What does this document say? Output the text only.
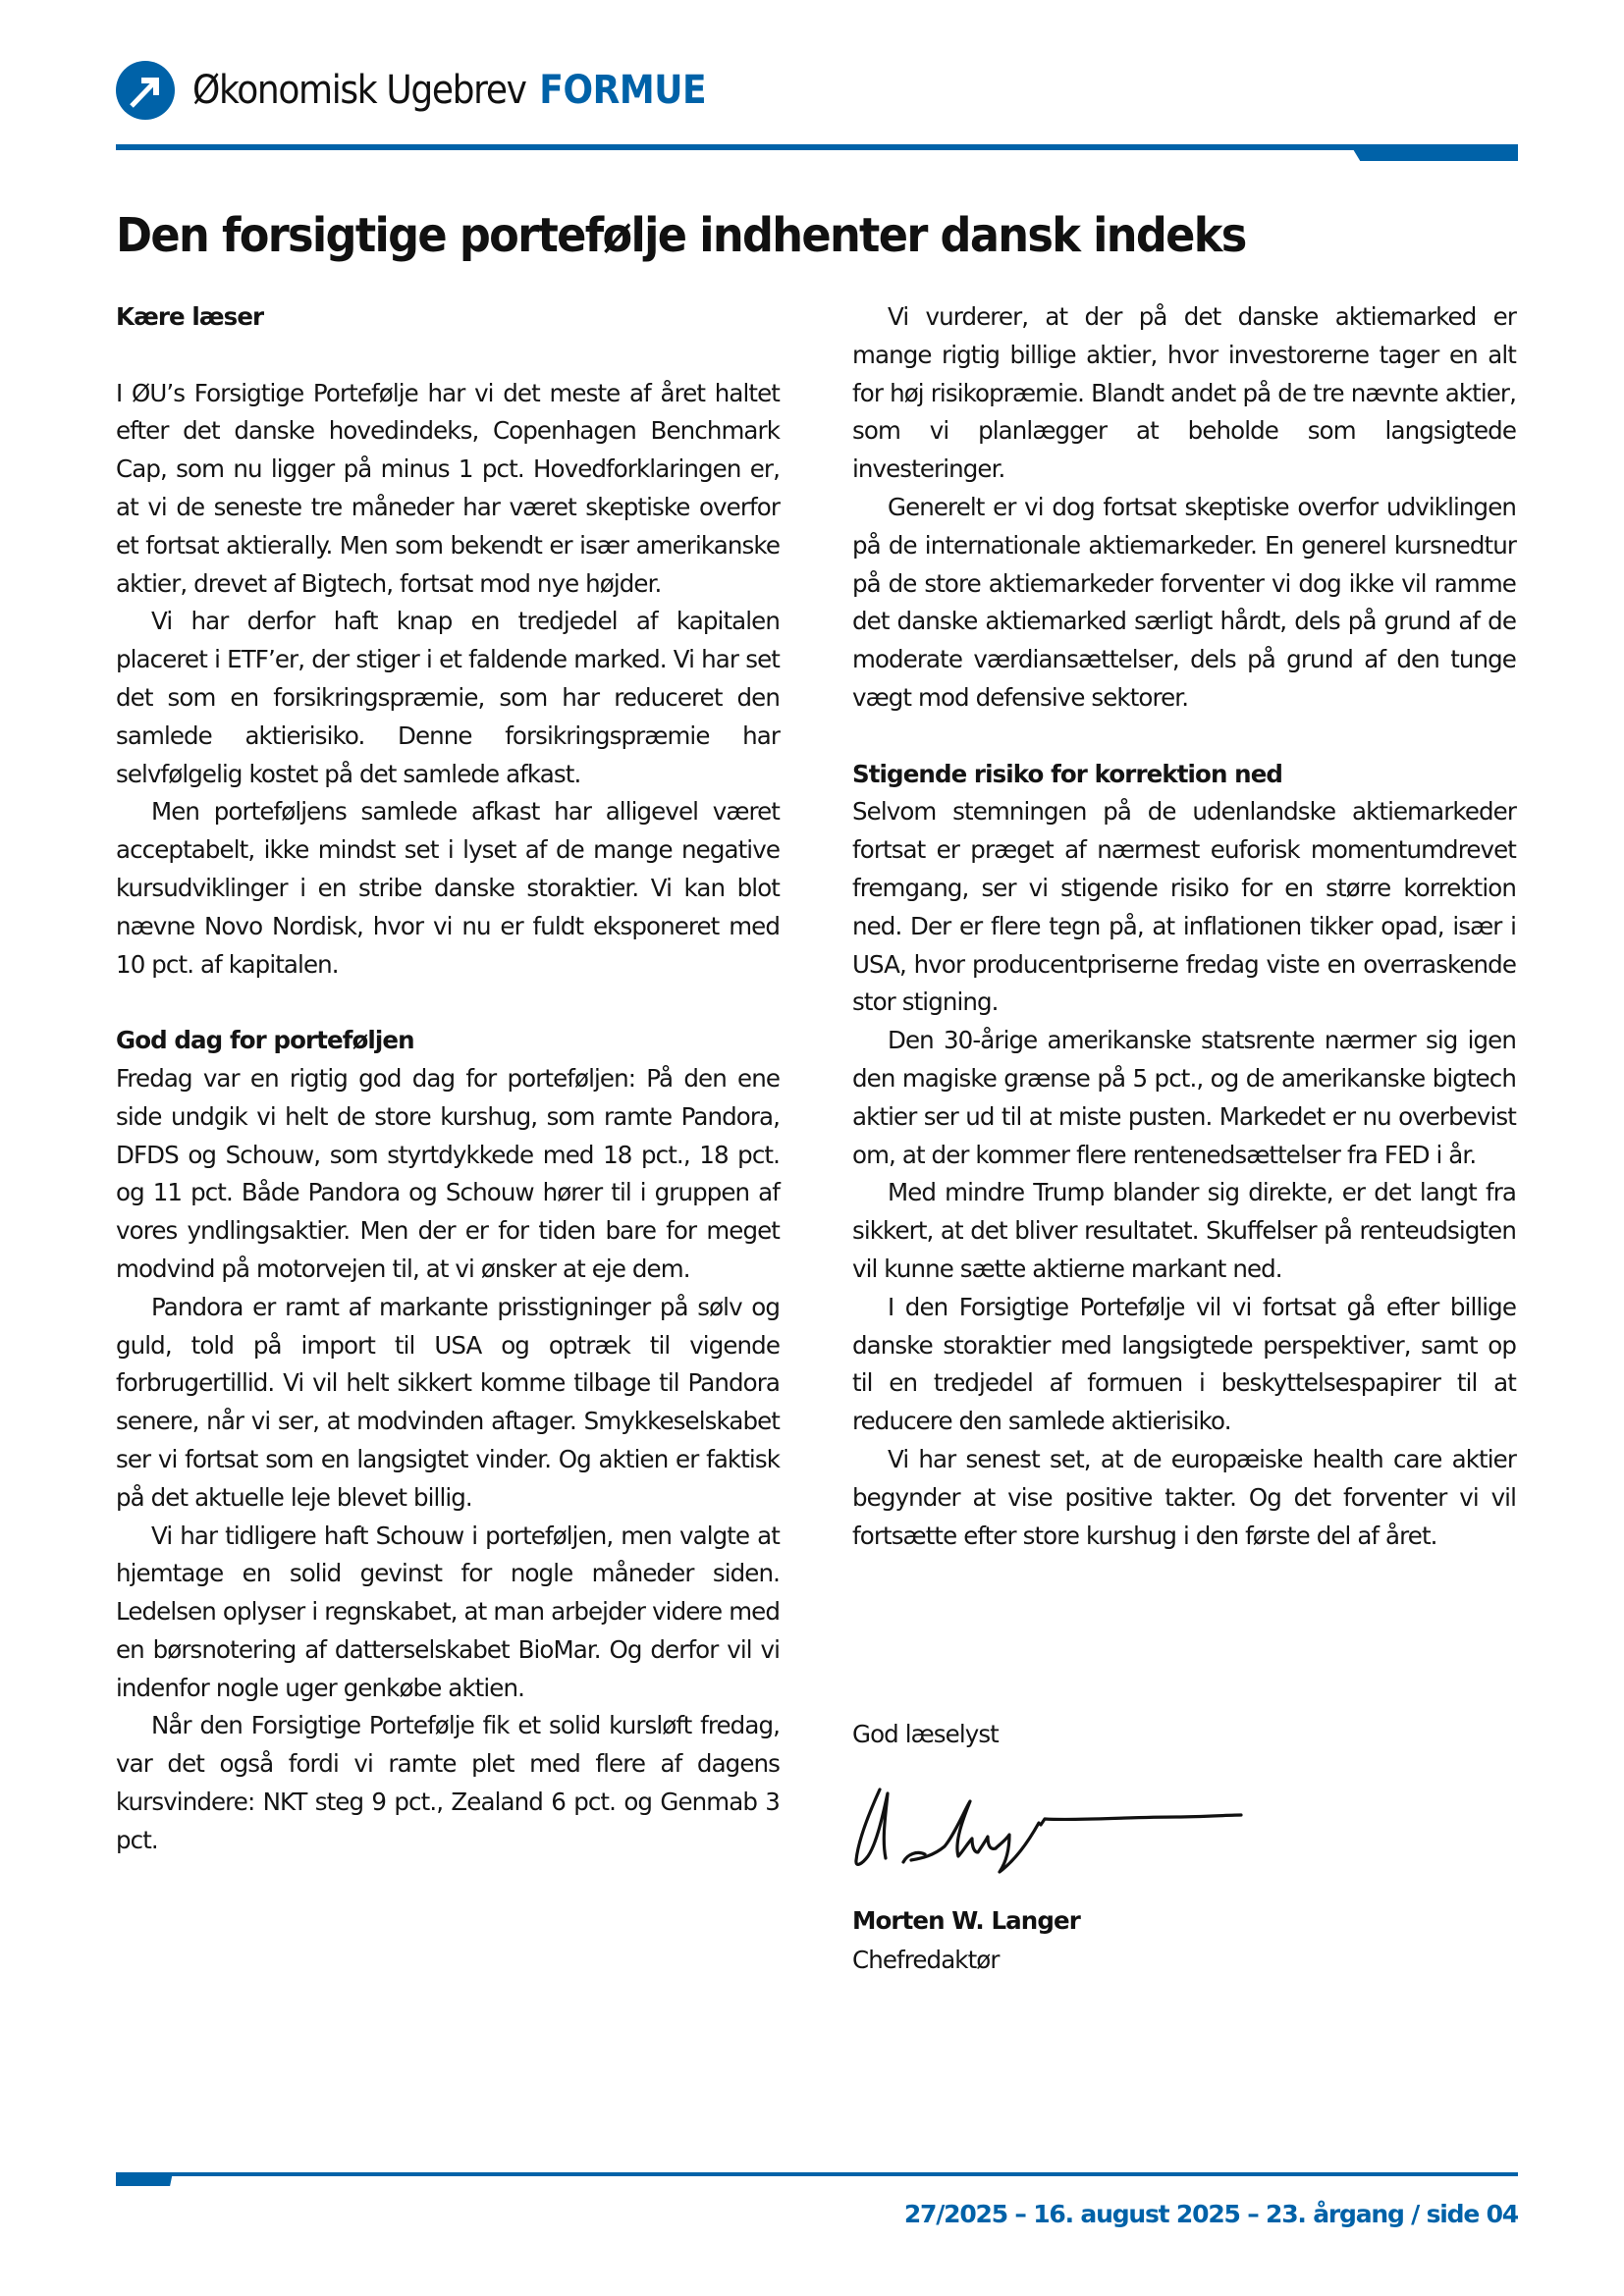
Økonomisk Ugebrev FORMUE
Den forsigtige portefølje indhenter dansk indeks

Kære læser

I ØU’s Forsigtige Portefølje har vi det meste af året haltet efter det danske hovedindeks, Copenhagen Benchmark Cap, som nu ligger på minus 1 pct. Hovedforklaringen er, at vi de seneste tre måneder har været skeptiske overfor et fortsat aktierally. Men som bekendt er især amerikanske aktier, drevet af Bigtech, fortsat mod nye højder.

Vi har derfor haft knap en tredjedel af kapitalen placeret i ETF’er, der stiger i et faldende marked. Vi har set det som en forsikringspræmie, som har reduceret den samlede aktierisiko. Denne forsikringspræmie har selvfølgelig kostet på det samlede afkast.

Men porteføljens samlede afkast har alligevel været acceptabelt, ikke mindst set i lyset af de mange negative kursudviklinger i en stribe danske storaktier. Vi kan blot nævne Novo Nordisk, hvor vi nu er fuldt eksponeret med 10 pct. af kapitalen.

God dag for porteføljen

Fredag var en rigtig god dag for porteføljen: På den ene side undgik vi helt de store kurshug, som ramte Pandora, DFDS og Schouw, som styrtdykkede med 18 pct., 18 pct. og 11 pct. Både Pandora og Schouw hører til i gruppen af vores yndlingsaktier. Men der er for tiden bare for meget modvind på motorvejen til, at vi ønsker at eje dem.

Pandora er ramt af markante prisstigninger på sølv og guld, told på import til USA og optræk til vigende forbrugertillid. Vi vil helt sikkert komme tilbage til Pandora senere, når vi ser, at modvinden aftager. Smykkeselskabet ser vi fortsat som en langsigtet vinder. Og aktien er faktisk på det aktuelle leje blevet billig.

Vi har tidligere haft Schouw i porteføljen, men valgte at hjemtage en solid gevinst for nogle måneder siden. Ledelsen oplyser i regnskabet, at man arbejder videre med en børsnotering af datterselskabet BioMar. Og derfor vil vi indenfor nogle uger genkøbe aktien.

Når den Forsigtige Portefølje fik et solid kursløft fredag, var det også fordi vi ramte plet med flere af dagens kursvindere: NKT steg 9 pct., Zealand 6 pct. og Genmab 3 pct.

Vi vurderer, at der på det danske aktiemarked er mange rigtig billige aktier, hvor investorerne tager en alt for høj risikopræmie. Blandt andet på de tre nævnte aktier, som vi planlægger at beholde som langsigtede investeringer.

Generelt er vi dog fortsat skeptiske overfor udviklingen på de internationale aktiemarkeder. En generel kursnedtur på de store aktiemarkeder forventer vi dog ikke vil ramme det danske aktiemarked særligt hårdt, dels på grund af de moderate værdiansættelser, dels på grund af den tunge vægt mod defensive sektorer.

Stigende risiko for korrektion ned

Selvom stemningen på de udenlandske aktiemarkeder fortsat er præget af nærmest euforisk momentumdrevet fremgang, ser vi stigende risiko for en større korrektion ned. Der er flere tegn på, at inflationen tikker opad, især i USA, hvor producentpriserne fredag viste en overraskende stor stigning.

Den 30-årige amerikanske statsrente nærmer sig igen den magiske grænse på 5 pct., og de amerikanske bigtech aktier ser ud til at miste pusten. Markedet er nu overbevist om, at der kommer flere rentenedsættelser fra FED i år.

Med mindre Trump blander sig direkte, er det langt fra sikkert, at det bliver resultatet. Skuffelser på renteudsigten vil kunne sætte aktierne markant ned.

I den Forsigtige Portefølje vil vi fortsat gå efter billige danske storaktier med langsigtede perspektiver, samt op til en tredjedel af formuen i beskyttelsespapirer til at reducere den samlede aktierisiko.

Vi har senest set, at de europæiske health care aktier begynder at vise positive takter. Og det forventer vi vil fortsætte efter store kurshug i den første del af året.

God læselyst
Morten W. Langer
Chefredaktør
27/2025 – 16. august 2025 – 23. årgang / side 04
